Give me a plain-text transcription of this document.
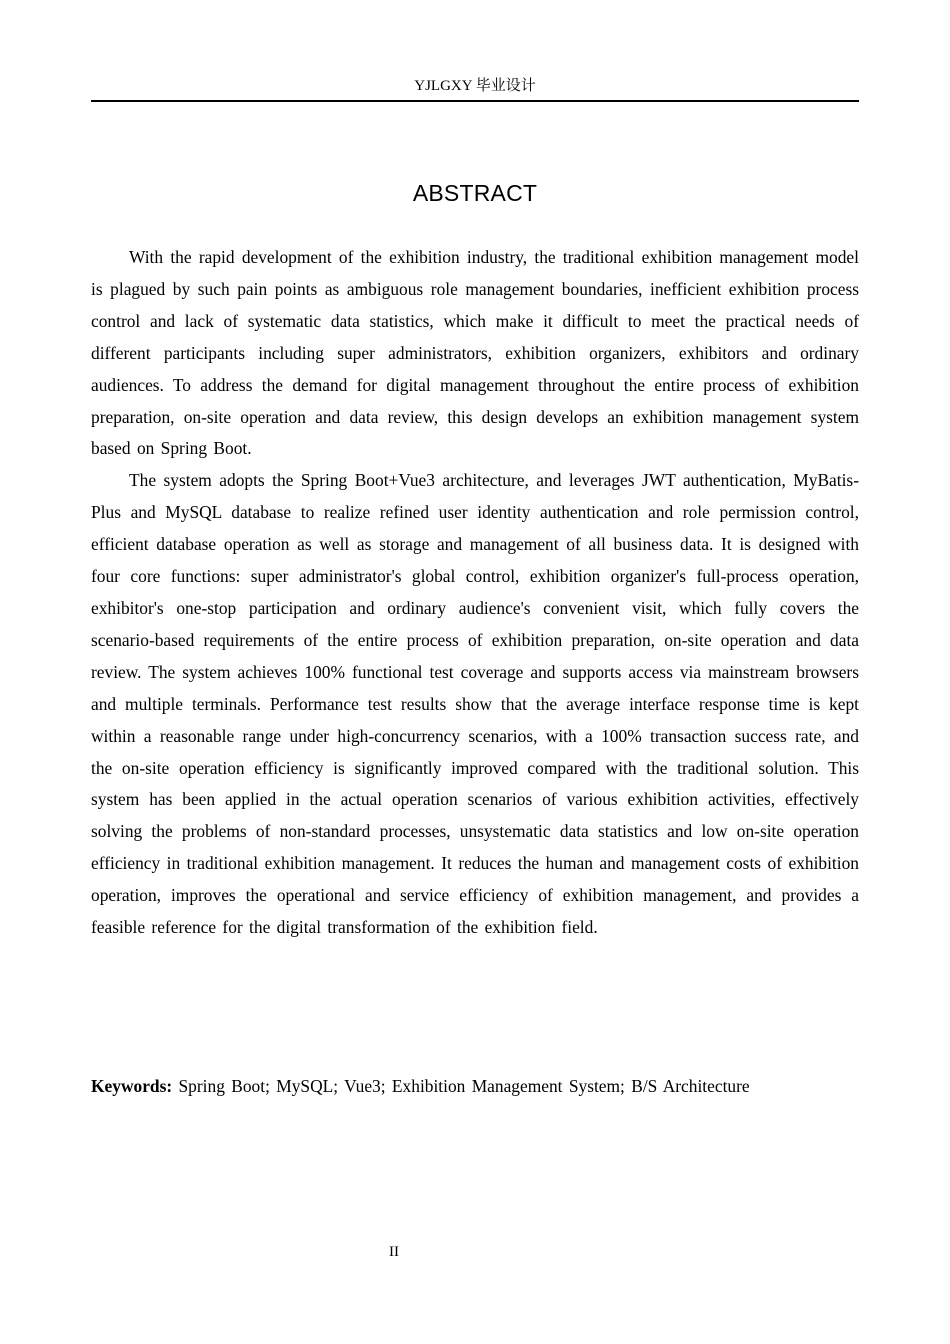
YJLGXY 毕业设计
ABSTRACT

With the rapid development of the exhibition industry, the traditional exhibition management model is plagued by such pain points as ambiguous role management boundaries, inefficient exhibition process control and lack of systematic data statistics, which make it difficult to meet the practical needs of different participants including super administrators, exhibition organizers, exhibitors and ordinary audiences. To address the demand for digital management throughout the entire process of exhibition preparation, on-site operation and data review, this design develops an exhibition management system based on Spring Boot.

The system adopts the Spring Boot+Vue3 architecture, and leverages JWT authentication, MyBatis-Plus and MySQL database to realize refined user identity authentication and role permission control, efficient database operation as well as storage and management of all business data. It is designed with four core functions: super administrator's global control, exhibition organizer's full-process operation, exhibitor's one-stop participation and ordinary audience's convenient visit, which fully covers the scenario-based requirements of the entire process of exhibition preparation, on-site operation and data review. The system achieves 100% functional test coverage and supports access via mainstream browsers and multiple terminals. Performance test results show that the average interface response time is kept within a reasonable range under high-concurrency scenarios, with a 100% transaction success rate, and the on-site operation efficiency is significantly improved compared with the traditional solution. This system has been applied in the actual operation scenarios of various exhibition activities, effectively solving the problems of non-standard processes, unsystematic data statistics and low on-site operation efficiency in traditional exhibition management. It reduces the human and management costs of exhibition operation, improves the operational and service efficiency of exhibition management, and provides a feasible reference for the digital transformation of the exhibition field.

Keywords: Spring Boot; MySQL; Vue3; Exhibition Management System; B/S Architecture
II
